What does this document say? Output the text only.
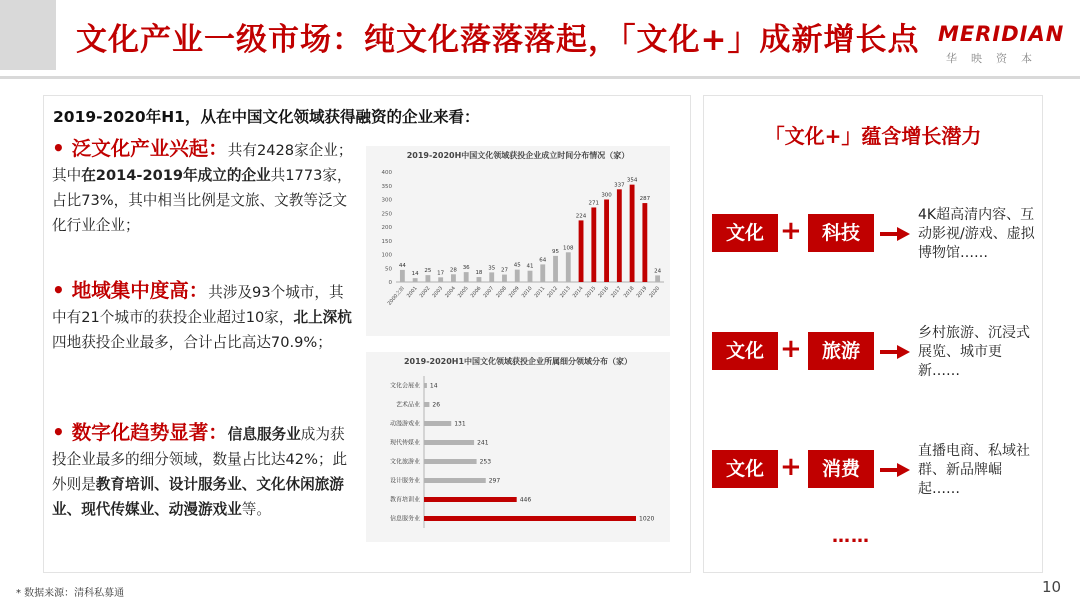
文化产业一级市场：纯文化落落落起，「文化+」成新增长点 MERIDIAN
华映资本
2019-2020年H1，从在中国文化领域获得融资的企业来看：
• 泛文化产业兴起：共有2428家企业；其中在2014-2019年成立的企业共1773家，占比73%，其中相当比例是文旅、文教等泛文化行业企业；
• 地域集中度高：共涉及93个城市，其中有21个城市的获投企业超过10家，北上深杭四地获投企业最多，合计占比高达70.9%；
• 数字化趋势显著：信息服务业成为获投企业最多的细分领域，数量占比达42%；此外则是教育培训、设计服务业、文化休闲旅游业、现代传媒业、动漫游戏业等。
2019-2020H中国文化领域获投企业成立时间分布情况（家）
0
50
100
150
200
250
300
350
400
44
2000之前
14
2001
25
2002
17
2003
28
2004
36
2005
18
2006
35
2007
27
2008
45
2009
41
2010
64
2011
95
2012
108
2013
224
2014
271
2015
300
2016
337
2017
354
2018
287
2019
24
2020
2019-2020H1中国文化领域获投企业所属细分领域分布（家）
文化会展业 14
艺术品业 26
动漫游戏业	131
现代传媒业	241
文化旅游业	253
设计服务业	297
教育培训业	446
信息服务业	1020
「文化+」蕴含增长潜力
文化 +	科技
4K超高清内容、互动影视/游戏、虚拟博物馆……
文化 +	旅游
乡村旅游、沉浸式展览、城市更新……
文化 +	消费
直播电商、私域社群、新品牌崛起……
……
* 数据来源：清科私募通	10
